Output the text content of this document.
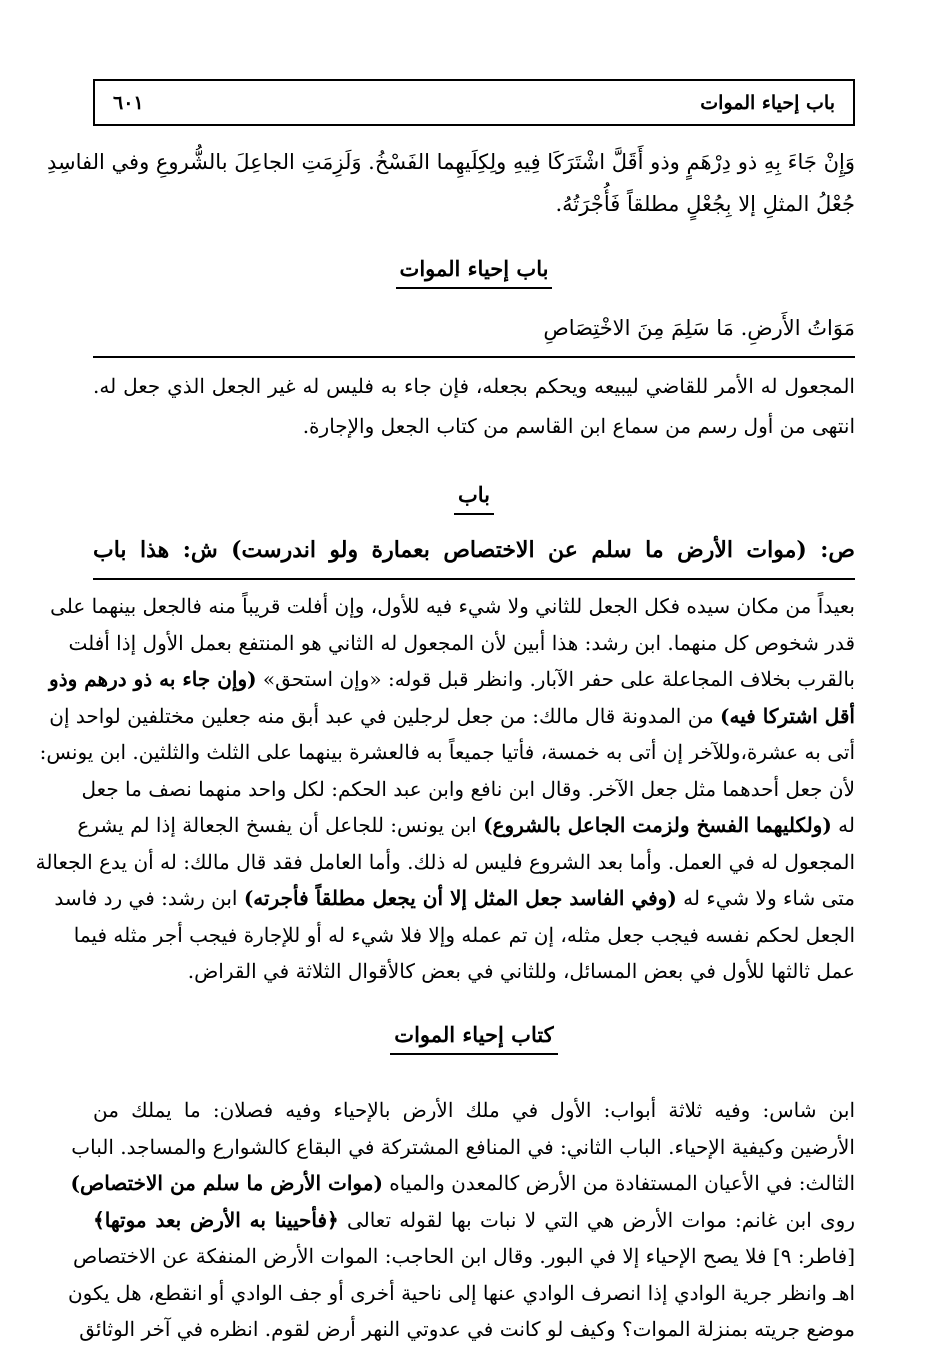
باب إحياء الموات
٦٠١
وَإِنْ جَاءَ بِهِ ذو دِرْهَمٍ وذو أَقَلَّ اشْتَرَكَا فِيهِ ولِكِلَيهِما الفَسْخُ. وَلَزِمَتِ الجاعِلَ بالشُّروعِ وفي الفاسِدِ
جُعْلُ المثلِ إلا بِجُعْلٍ مطلقاً فَأُجْرَتُهُ.
باب إحياء الموات
مَوَاتُ الأَرضِ. مَا سَلِمَ مِنَ الاخْتِصَاصِ
المجعول له الأمر للقاضي ليبيعه ويحكم بجعله، فإن جاء به فليس له غير الجعل الذي جعل له.
انتهى من أول رسم من سماع ابن القاسم من كتاب الجعل والإجارة.
باب
ص: (موات الأرض ما سلم عن الاختصاص بعمارة ولو اندرست) ش: هذا باب
بعيداً من مكان سيده فكل الجعل للثاني ولا شيء فيه للأول، وإن أفلت قريباً منه فالجعل بينهما على
قدر شخوص كل منهما. ابن رشد: هذا أبين لأن المجعول له الثاني هو المنتفع بعمل الأول إذا أفلت
بالقرب بخلاف المجاعلة على حفر الآبار. وانظر قبل قوله: «وإن استحق» (وإن جاء به ذو درهم وذو
أقل اشتركا فيه) من المدونة قال مالك: من جعل لرجلين في عبد أبق منه جعلين مختلفين لواحد إن
أتى به عشرة،وللآخر إن أتى به خمسة، فأتيا جميعاً به فالعشرة بينهما على الثلث والثلثين. ابن يونس:
لأن جعل أحدهما مثل جعل الآخر. وقال ابن نافع وابن عبد الحكم: لكل واحد منهما نصف ما جعل
له (ولكليهما الفسخ ولزمت الجاعل بالشروع) ابن يونس: للجاعل أن يفسخ الجعالة إذا لم يشرع
المجعول له في العمل. وأما بعد الشروع فليس له ذلك. وأما العامل فقد قال مالك: له أن يدع الجعالة
متى شاء ولا شيء له (وفي الفاسد جعل المثل إلا أن يجعل مطلقاً فأجرته) ابن رشد: في رد فاسد
الجعل لحكم نفسه فيجب جعل مثله، إن تم عمله وإلا فلا شيء له أو للإجارة فيجب أجر مثله فيما
عمل ثالثها للأول في بعض المسائل، وللثاني في بعض كالأقوال الثلاثة في القراض.
كتاب إحياء الموات
ابن شاس: وفيه ثلاثة أبواب: الأول في ملك الأرض بالإحياء وفيه فصلان: ما يملك من
الأرضين وكيفية الإحياء. الباب الثاني: في المنافع المشتركة في البقاع كالشوارع والمساجد. الباب
الثالث: في الأعيان المستفادة من الأرض كالمعدن والمياه (موات الأرض ما سلم من الاختصاص)
روى ابن غانم: موات الأرض هي التي لا نبات بها لقوله تعالى ﴿فأحيينا به الأرض بعد موتها﴾
[فاطر: ٩] فلا يصح الإحياء إلا في البور. وقال ابن الحاجب: الموات الأرض المنفكة عن الاختصاص
اهـ وانظر جرية الوادي إذا انصرف الوادي عنها إلى ناحية أخرى أو جف الوادي أو انقطع، هل يكون
موضع جريته بمنزلة الموات؟ وكيف لو كانت في عدوتي النهر أرض لقوم. انظره في آخر الوثائق
